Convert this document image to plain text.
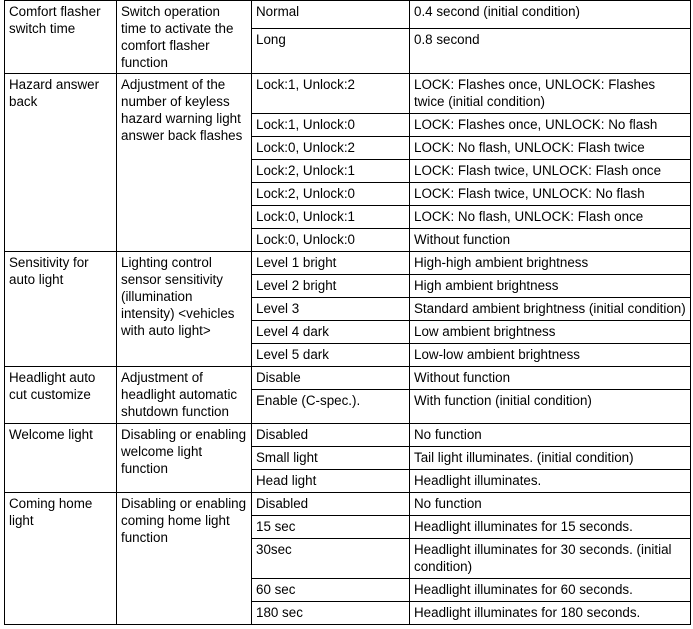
Comfort flasher switch time	Switch operation time to activate the comfort flasher function	Normal	0.4 second (initial condition)
		Long	0.8 second
Hazard answer back	Adjustment of the number of keyless hazard warning light answer back flashes	Lock:1, Unlock:2	LOCK: Flashes once, UNLOCK: Flashes twice (initial condition)
		Lock:1, Unlock:0	LOCK: Flashes once, UNLOCK: No flash
		Lock:0, Unlock:2	LOCK: No flash, UNLOCK: Flash twice
		Lock:2, Unlock:1	LOCK: Flash twice, UNLOCK: Flash once
		Lock:2, Unlock:0	LOCK: Flash twice, UNLOCK: No flash
		Lock:0, Unlock:1	LOCK: No flash, UNLOCK: Flash once
		Lock:0, Unlock:0	Without function
Sensitivity for auto light	Lighting control sensor sensitivity (illumination intensity) <vehicles with auto light>	Level 1 bright	High-high ambient brightness
		Level 2 bright	High ambient brightness
		Level 3	Standard ambient brightness (initial condition)
		Level 4 dark	Low ambient brightness
		Level 5 dark	Low-low ambient brightness
Headlight auto cut customize	Adjustment of headlight automatic shutdown function	Disable	Without function
		Enable (C-spec.).	With function (initial condition)
Welcome light	Disabling or enabling welcome light function	Disabled	No function
		Small light	Tail light illuminates. (initial condition)
		Head light	Headlight illuminates.
Coming home light	Disabling or enabling coming home light function	Disabled	No function
		15 sec	Headlight illuminates for 15 seconds.
		30sec	Headlight illuminates for 30 seconds. (initial condition)
		60 sec	Headlight illuminates for 60 seconds.
		180 sec	Headlight illuminates for 180 seconds.
